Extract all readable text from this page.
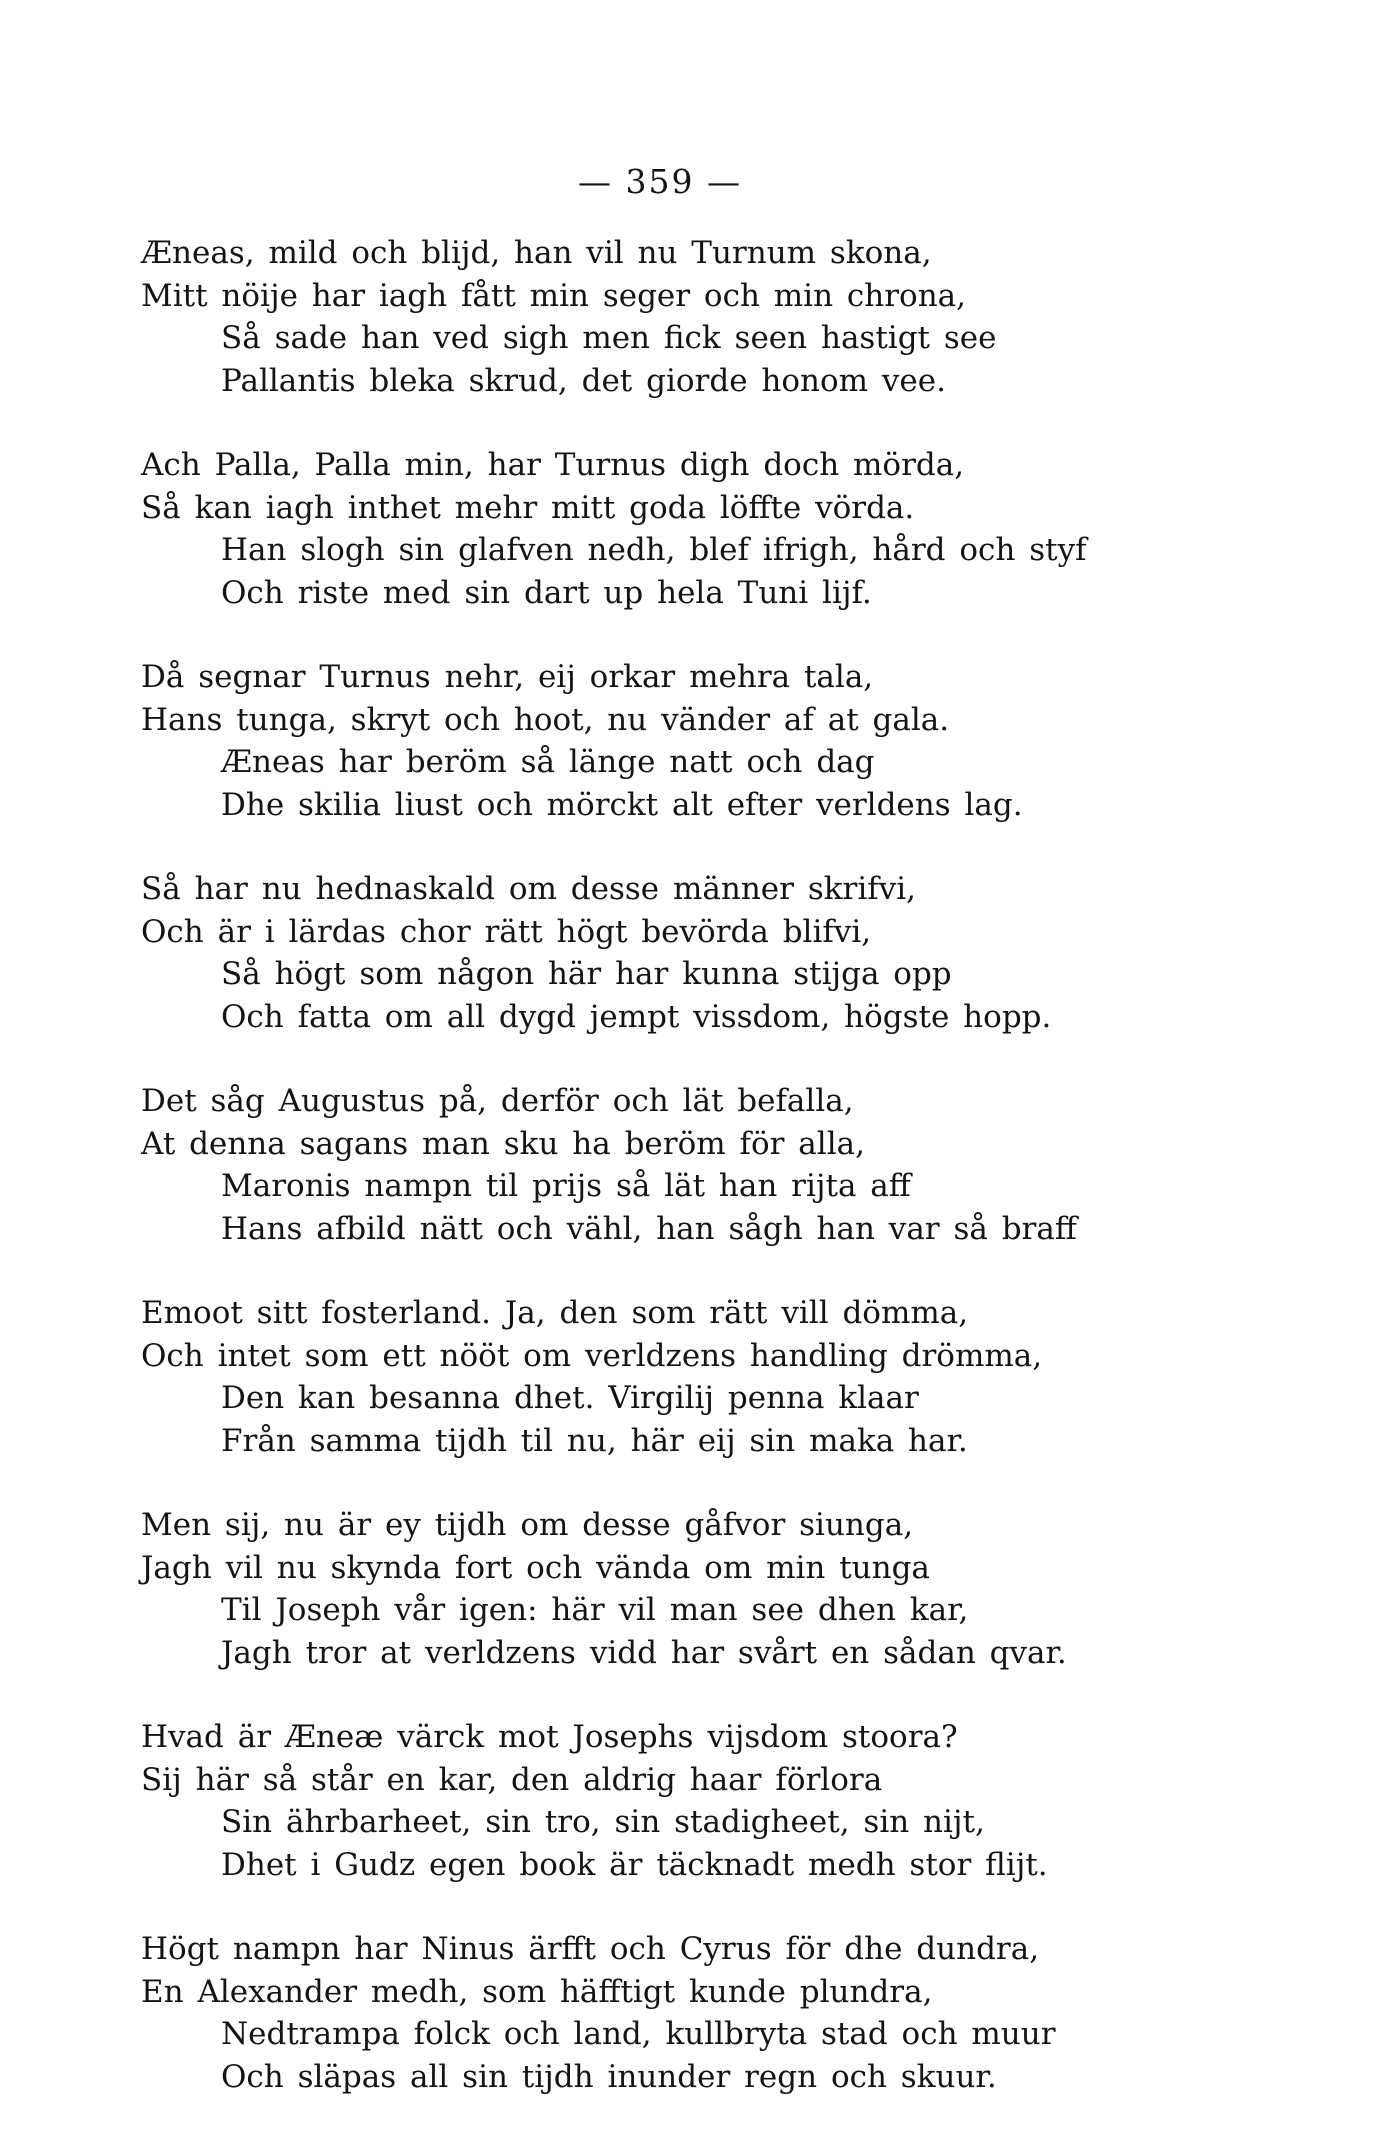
— 359 —
Æneas, mild och blijd, han vil nu Turnum skona,
Mitt nöije har iagh fått min seger och min chrona,
Så sade han ved sigh men fick seen hastigt see
Pallantis bleka skrud, det giorde honom vee.
Ach Palla, Palla min, har Turnus digh doch mörda,
Så kan iagh inthet mehr mitt goda löffte vörda.
Han slogh sin glafven nedh, blef ifrigh, hård och styf
Och riste med sin dart up hela Tuni lijf.
Då segnar Turnus nehr, eij orkar mehra tala,
Hans tunga, skryt och hoot, nu vänder af at gala.
Æneas har beröm så länge natt och dag
Dhe skilia liust och mörckt alt efter verldens lag.
Så har nu hednaskald om desse männer skrifvi,
Och är i lärdas chor rätt högt bevörda blifvi,
Så högt som någon här har kunna stijga opp
Och fatta om all dygd jempt vissdom, högste hopp.
Det såg Augustus på, derför och lät befalla,
At denna sagans man sku ha beröm för alla,
Maronis nampn til prijs så lät han rijta aff
Hans afbild nätt och vähl, han sågh han var så braff
Emoot sitt fosterland. Ja, den som rätt vill dömma,
Och intet som ett nööt om verldzens handling drömma,
Den kan besanna dhet. Virgilij penna klaar
Från samma tijdh til nu, här eij sin maka har.
Men sij, nu är ey tijdh om desse gåfvor siunga,
Jagh vil nu skynda fort och vända om min tunga
Til Joseph vår igen: här vil man see dhen kar,
Jagh tror at verldzens vidd har svårt en sådan qvar.
Hvad är Æneæ värck mot Josephs vijsdom stoora?
Sij här så står en kar, den aldrig haar förlora
Sin ährbarheet, sin tro, sin stadigheet, sin nijt,
Dhet i Gudz egen book är täcknadt medh stor flijt.
Högt nampn har Ninus ärfft och Cyrus för dhe dundra,
En Alexander medh, som häfftigt kunde plundra,
Nedtrampa folck och land, kullbryta stad och muur
Och släpas all sin tijdh inunder regn och skuur.
